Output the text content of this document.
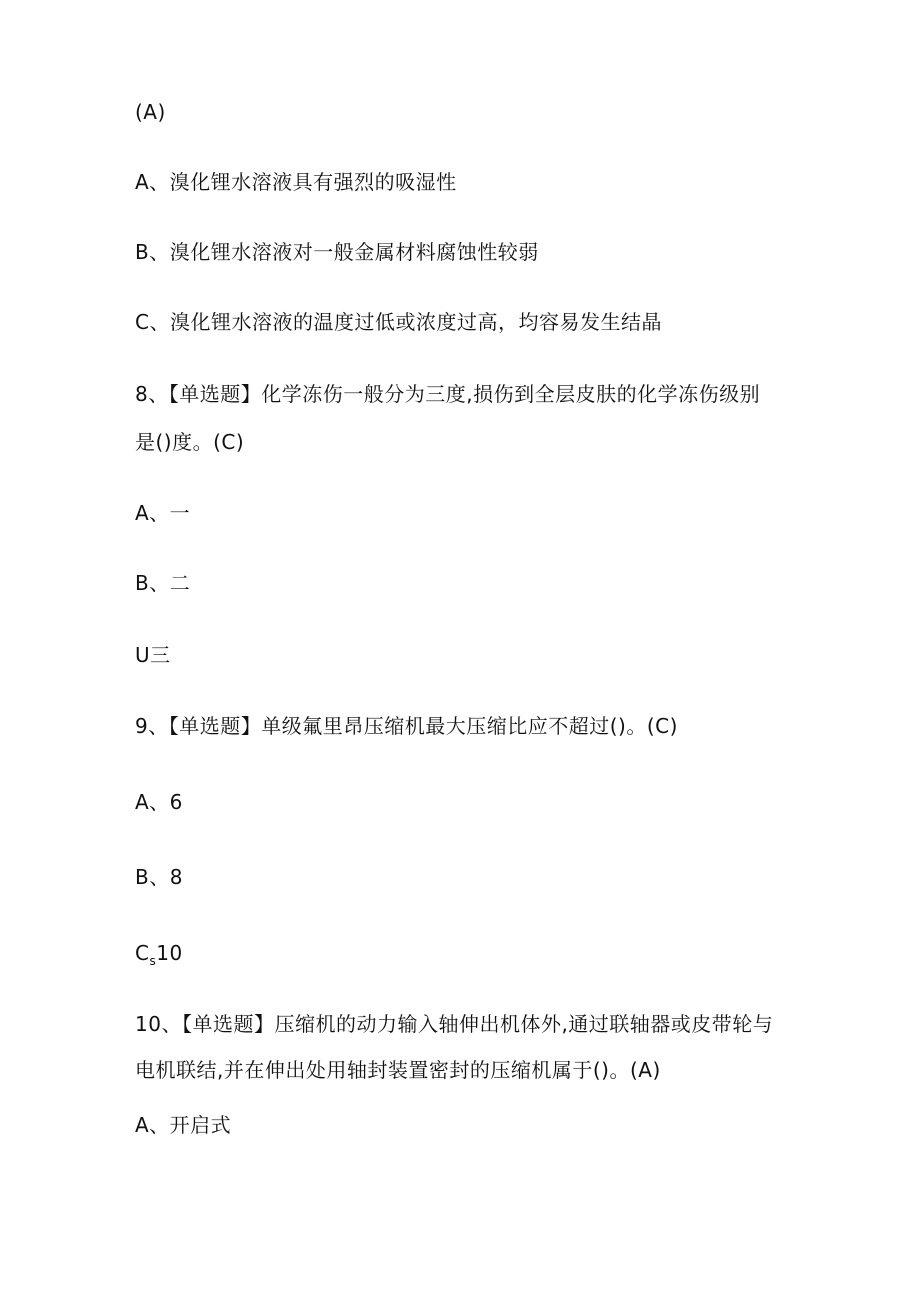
(A)
A、溴化锂水溶液具有强烈的吸湿性
B、溴化锂水溶液对一般金属材料腐蚀性较弱
C、溴化锂水溶液的温度过低或浓度过高，均容易发生结晶
8、【单选题】化学冻伤一般分为三度,损伤到全层皮肤的化学冻伤级别
是()度。(C)
A、一
B、二
U三
9、【单选题】单级氟里昂压缩机最大压缩比应不超过()。(C)
A、6
B、8
$C_s10$
10、【单选题】压缩机的动力输入轴伸出机体外,通过联轴器或皮带轮与
电机联结,并在伸出处用轴封装置密封的压缩机属于()。(A)
A、开启式
